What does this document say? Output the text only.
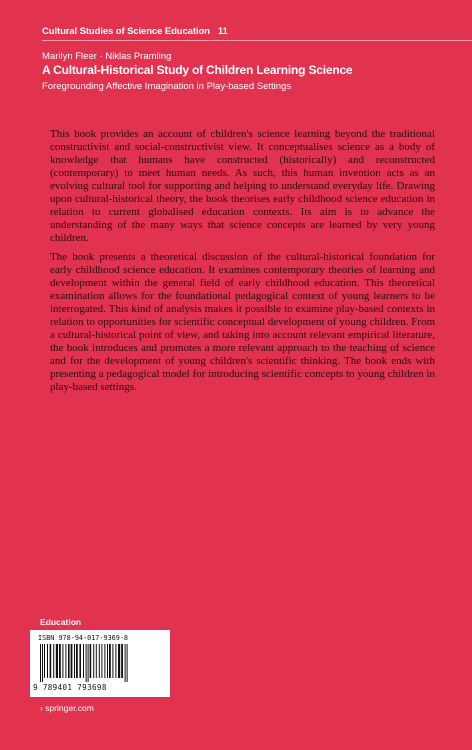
Cultural Studies of Science Education 11
Marilyn Fleer · Niklas Pramling
A Cultural-Historical Study of Children Learning Science
Foregrounding Affective Imagination in Play-based Settings

This book provides an account of children's science learning beyond the traditional constructivist and social-constructivist view. It conceptualises science as a body of knowledge that humans have constructed (historically) and reconstructed (contemporary) to meet human needs. As such, this human invention acts as an evolving cultural tool for supporting and helping to understand everyday life. Drawing upon cultural-historical theory, the book theorises early childhood science education in relation to current globalised education contexts. Its aim is to advance the understanding of the many ways that science concepts are learned by very young children.

The book presents a theoretical discussion of the cultural-historical foundation for early childhood science education. It examines contemporary theories of learning and development within the general field of early childhood education. This theoretical examination allows for the foundational pedagogical context of young learners to be interrogated. This kind of analysis makes it possible to examine play-based contexts in relation to opportunities for scientific conceptual development of young children. From a cultural-historical point of view, and taking into account relevant empirical literature, the book introduces and promotes a more relevant approach to the teaching of science and for the development of young children's scientific thinking. The book ends with presenting a pedagogical model for introducing scientific concepts to young children in play-based settings.

Education
ISBN 978-94-017-9369-8
9 789401 793698
› springer.com
